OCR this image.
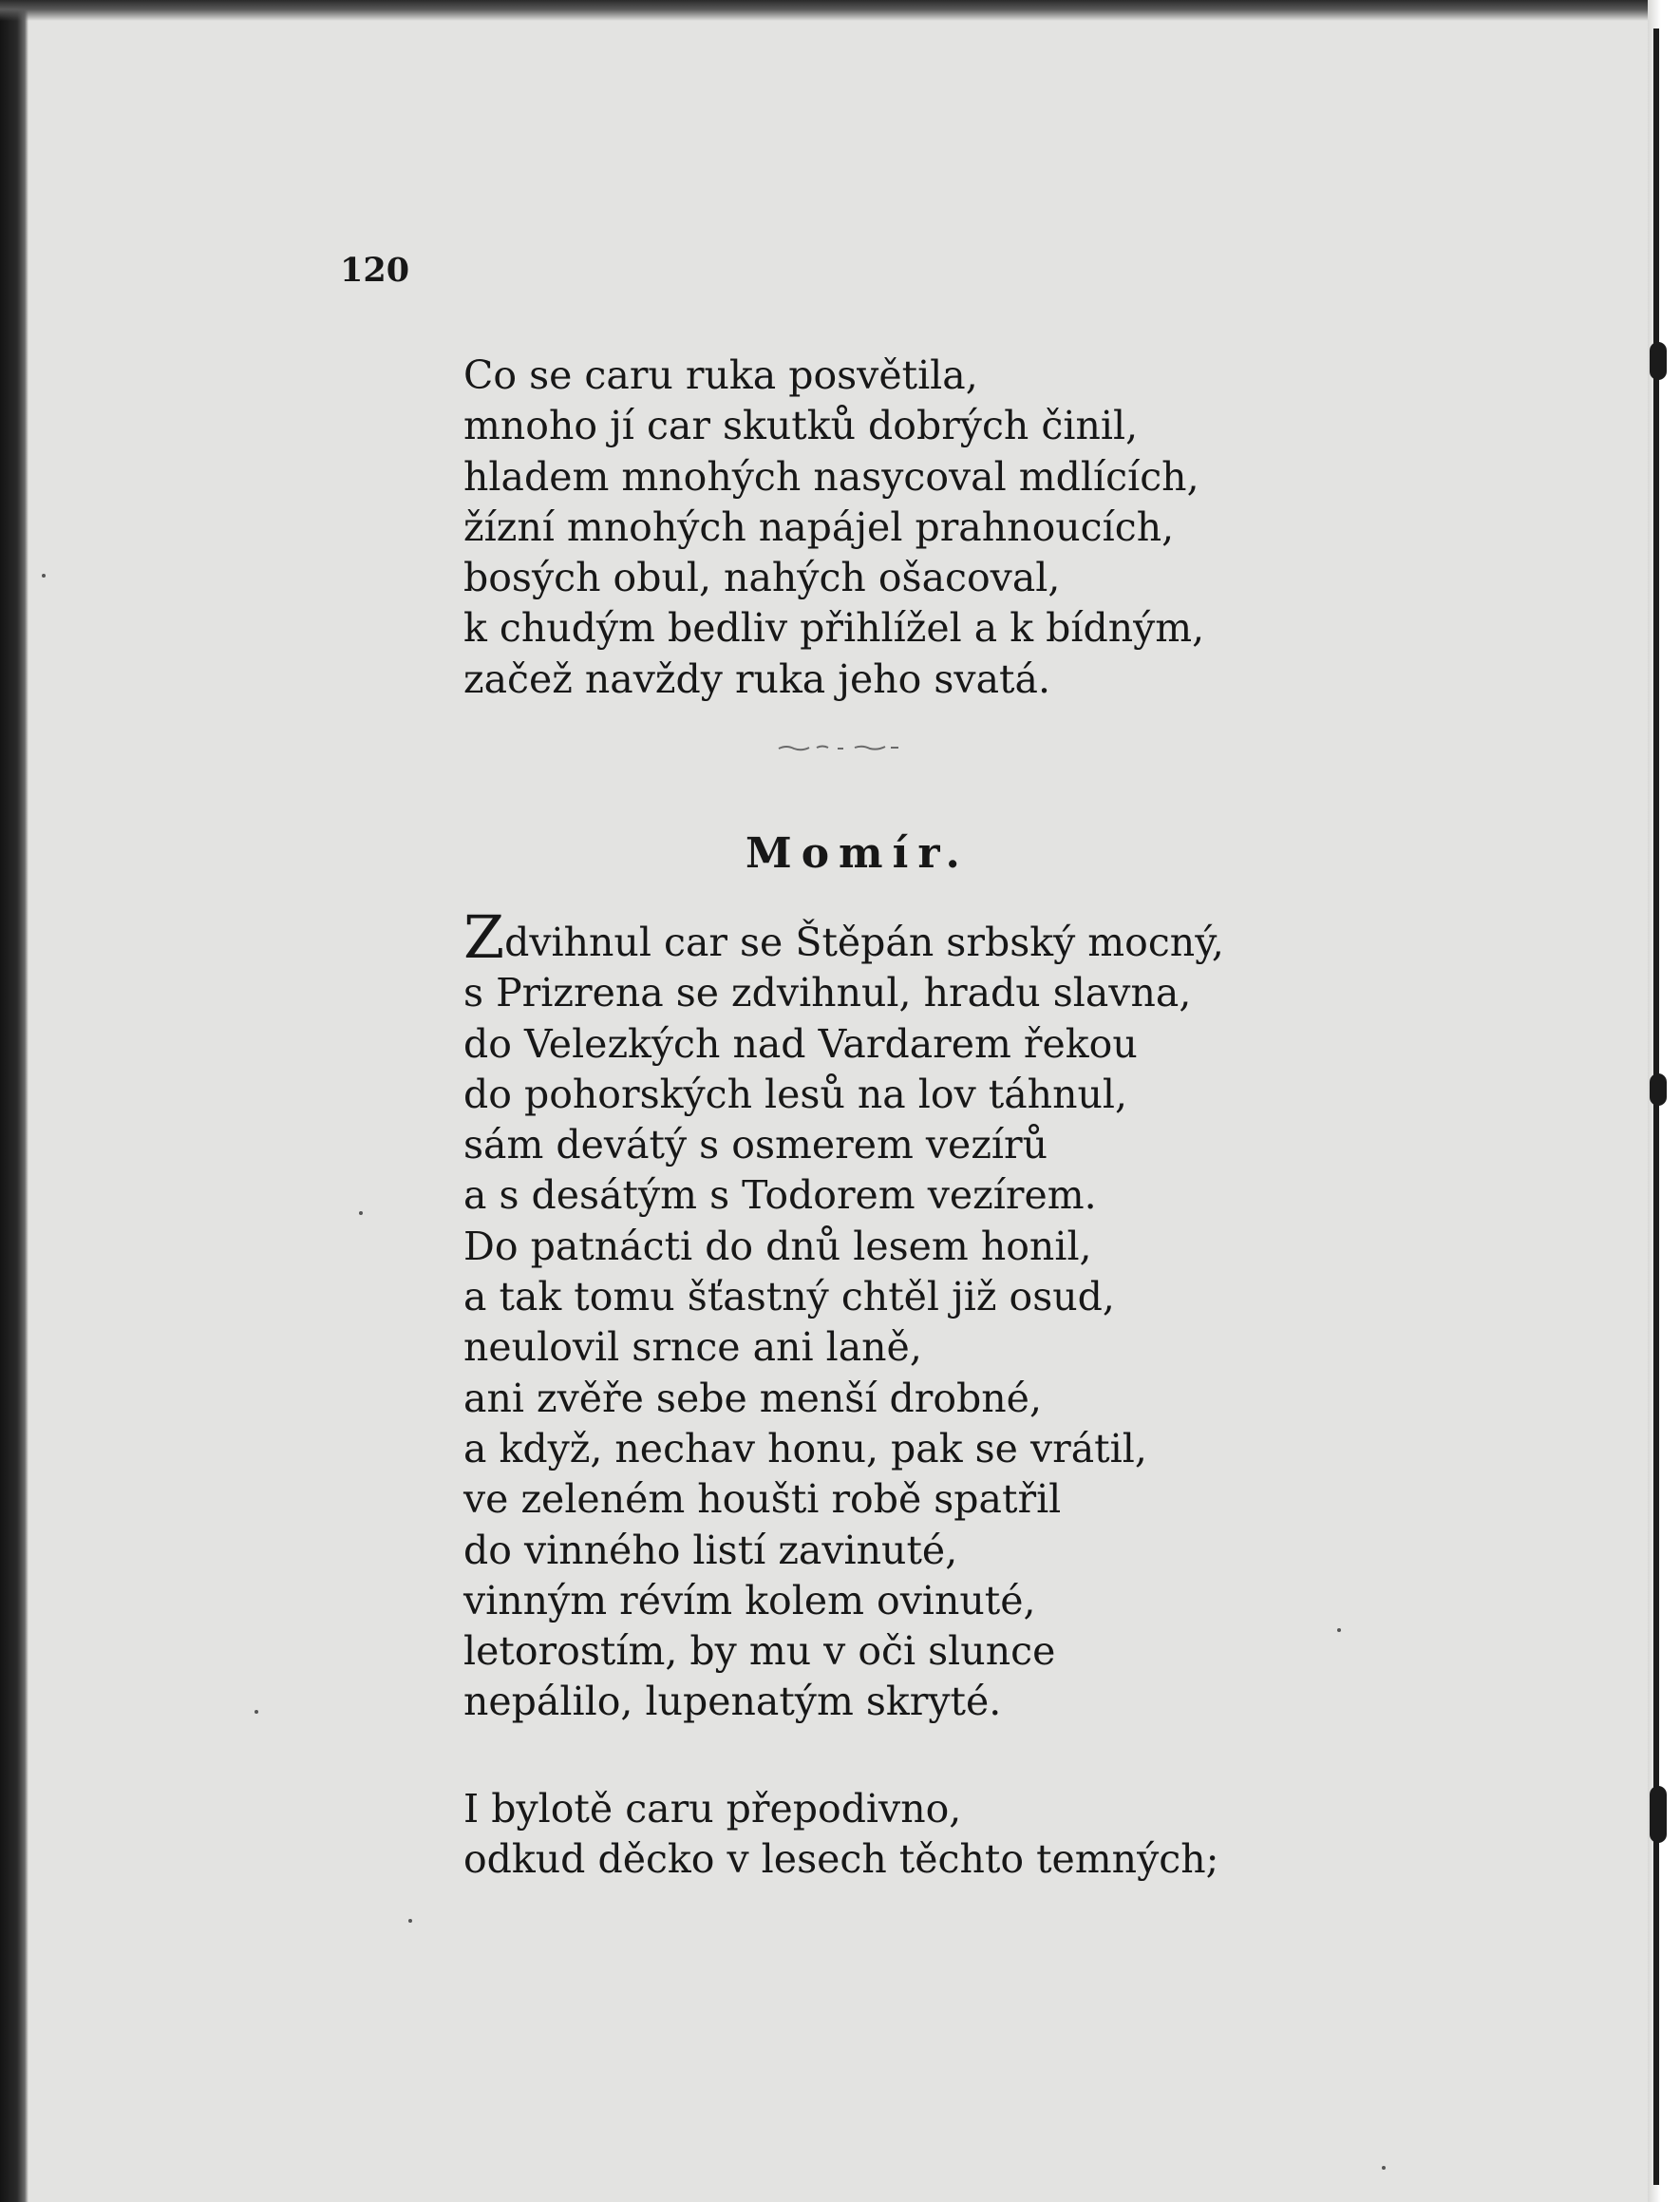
120
Co se caru ruka posvětila,
mnoho jí car skutků dobrých činil,
hladem mnohých nasycoval mdlících,
žízní mnohých napájel prahnoucích,
bosých obul, nahých ošacoval,
k chudým bedliv přihlížel a k bídným,
začež navždy ruka jeho svatá.
Momír.
Zdvihnul car se Štěpán srbský mocný,
s Prizrena se zdvihnul, hradu slavna,
do Velezkých nad Vardarem řekou
do pohorských lesů na lov táhnul,
sám devátý s osmerem vezírů
a s desátým s Todorem vezírem.
Do patnácti do dnů lesem honil,
a tak tomu šťastný chtěl již osud,
neulovil srnce ani laně,
ani zvěře sebe menší drobné,
a když, nechav honu, pak se vrátil,
ve zeleném houšti robě spatřil
do vinného listí zavinuté,
vinným révím kolem ovinuté,
letorostím, by mu v oči slunce
nepálilo, lupenatým skryté.
I bylotě caru přepodivno,
odkud děcko v lesech těchto temných;
